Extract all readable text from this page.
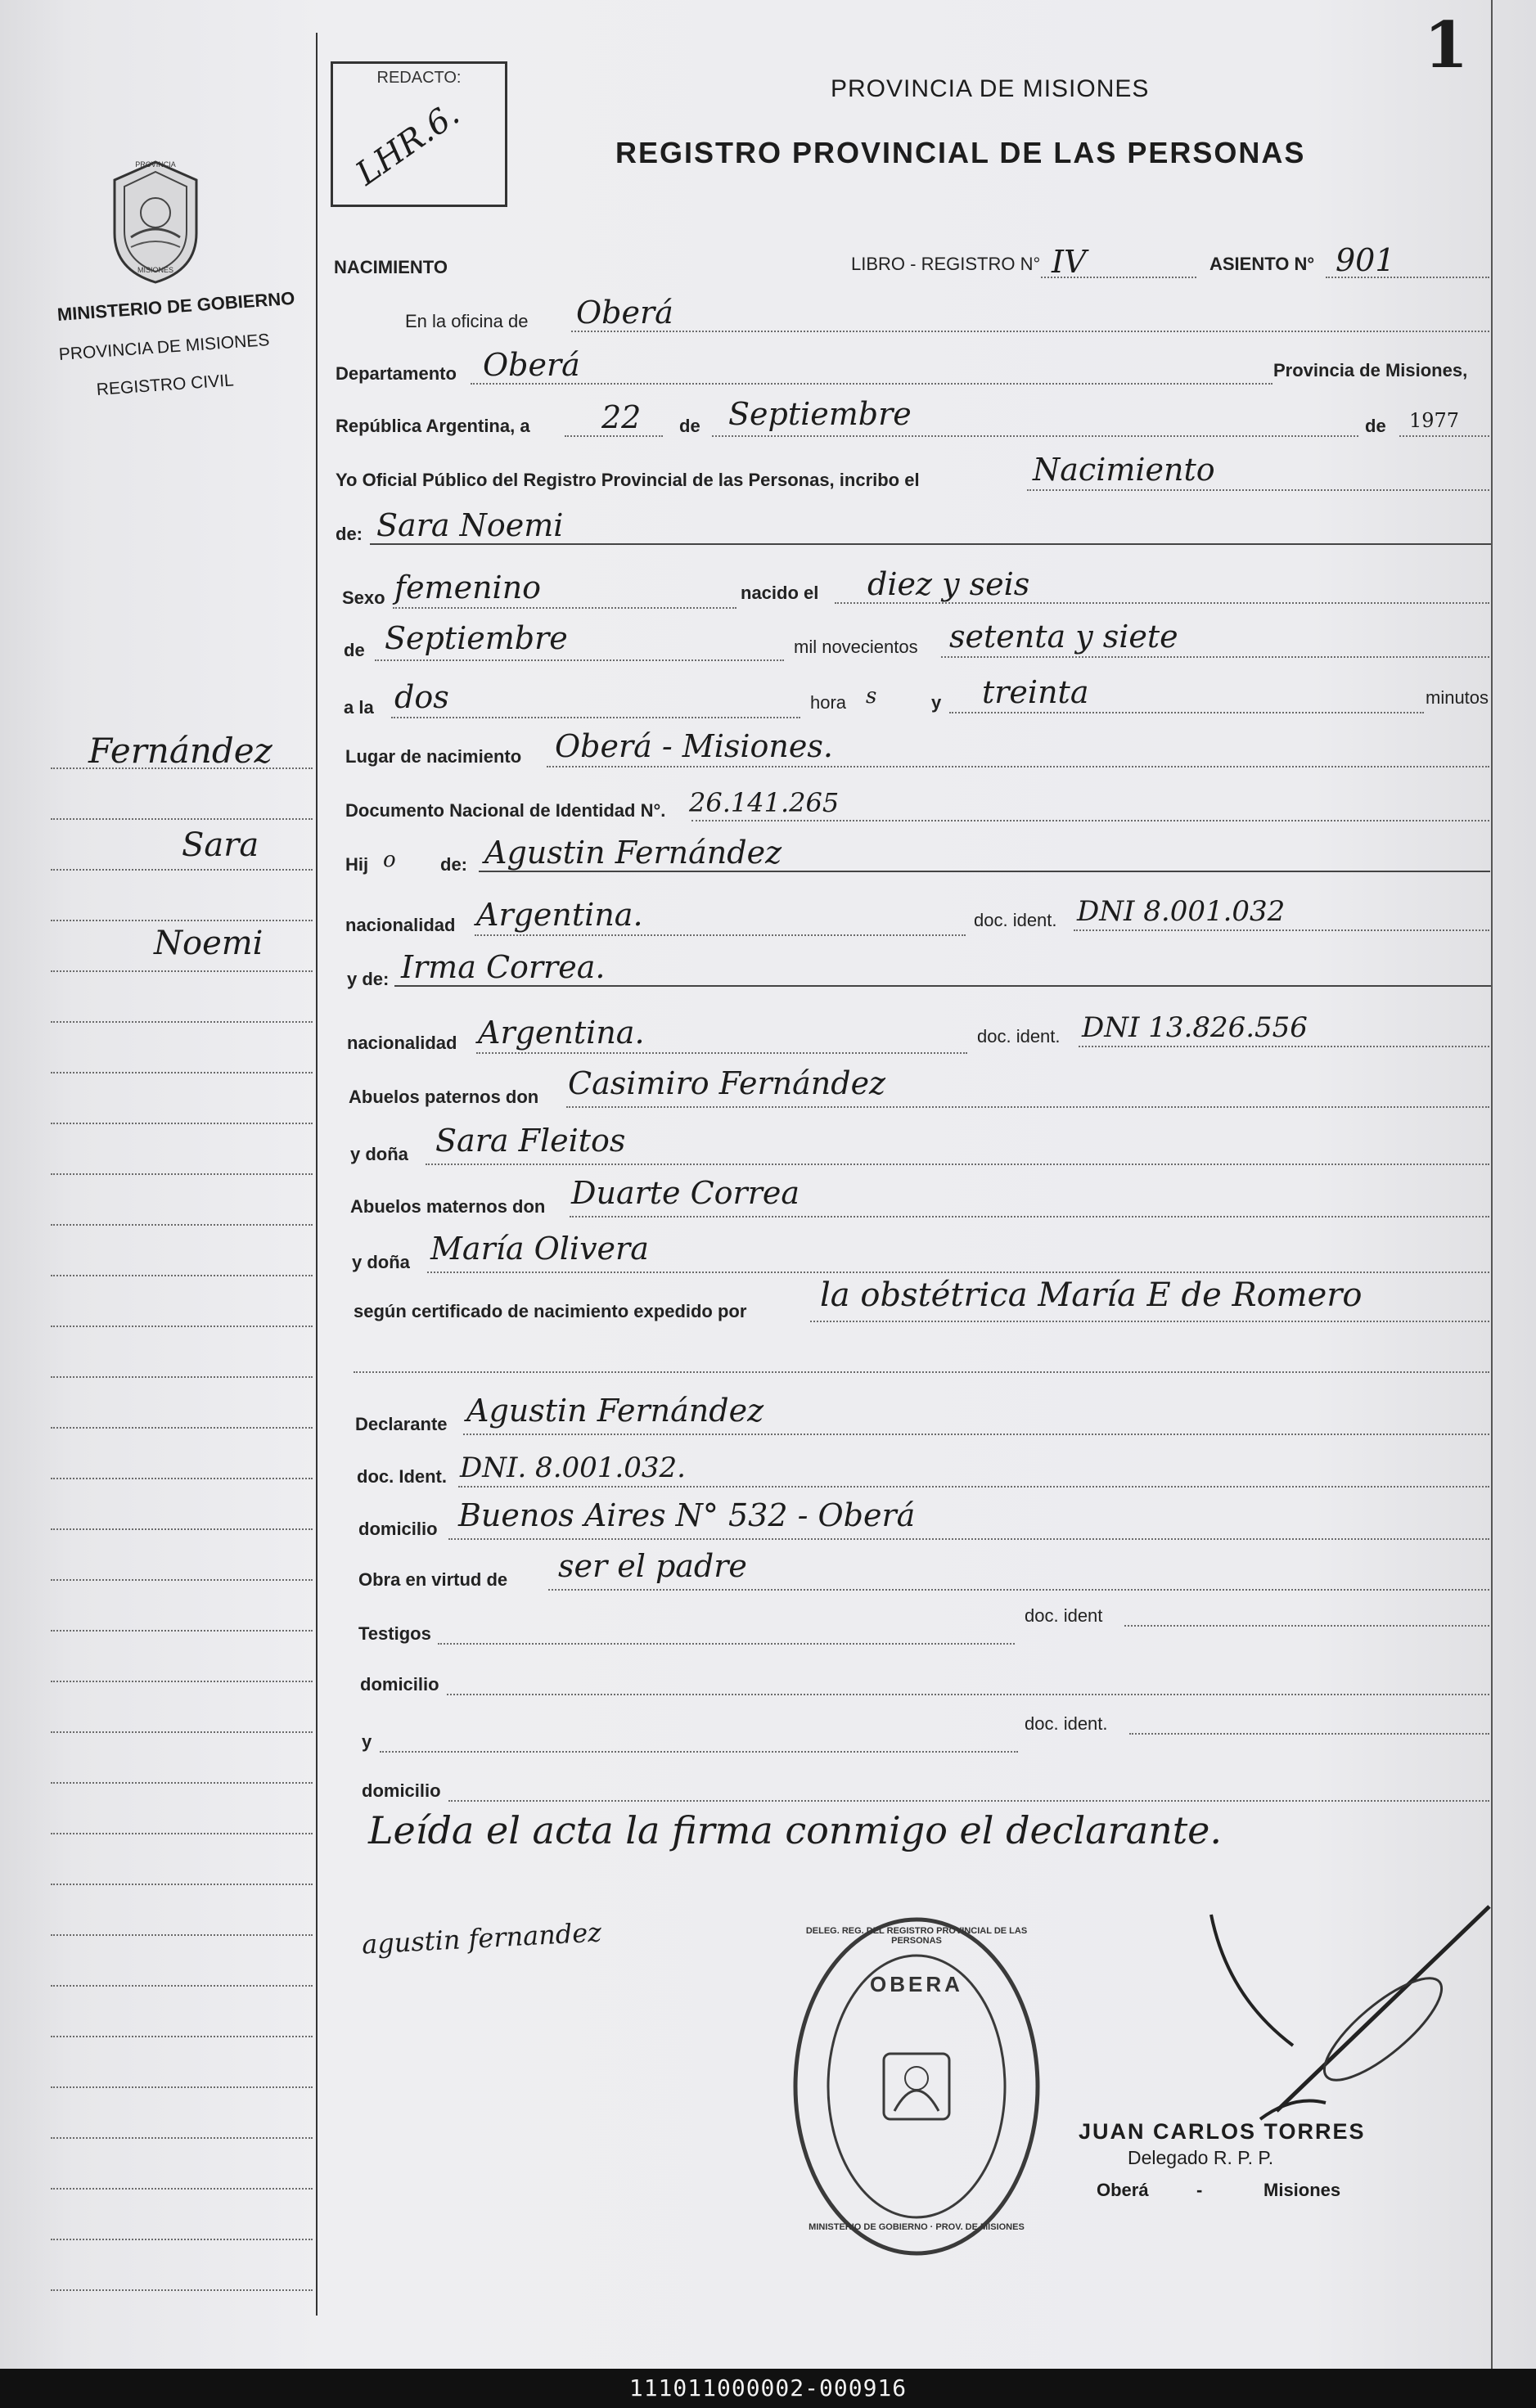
1
REDACTO:
LHR.6.
PROVINCIA DE MISIONES
REGISTRO PROVINCIAL DE LAS PERSONAS
PROVINCIA
MISIONES
MINISTERIO DE GOBIERNO
PROVINCIA DE MISIONES
REGISTRO CIVIL
Fernández
Sara
Noemi
NACIMIENTO	LIBRO - REGISTRO N° IV	ASIENTO N° 901
En la oficina de Oberá
Departamento Oberá	Provincia de Misiones,
República Argentina, a 22 de Septiembre	de 1977
Yo Oficial Público del Registro Provincial de las Personas, incribo el	Nacimiento
de: Sara Noemi
Sexo femenino	nacido el diez y seis
de Septiembre	mil novecientos setenta y siete
a la dos	hora s	y treinta	minutos
Lugar de nacimiento Oberá - Misiones.
Documento Nacional de Identidad N°. 26.141.265
Hij o de: Agustin Fernández
nacionalidad Argentina.	doc. ident. DNI 8.001.032
y de: Irma Correa.
nacionalidad Argentina.	doc. ident. DNI 13.826.556
Abuelos paternos don Casimiro Fernández
y doña Sara Fleitos
Abuelos maternos don Duarte Correa
y doña María Olivera
según certificado de nacimiento expedido por la obstétrica María E de Romero
Declarante Agustin Fernández
doc. Ident. DNI. 8.001.032.
domicilio Buenos Aires N° 532 - Oberá
Obra en virtud de ser el padre
Testigos
doc. ident
domicilio
y
doc. ident.
domicilio
Leída el acta la firma conmigo el declarante.
agustin fernandez	DELEG. REG. DEL REGISTRO PROVINCIAL DE LAS PERSONAS
OBERA
MINISTERIO DE GOBIERNO · PROV. DE MISIONES
JUAN CARLOS TORRES
Delegado R. P. P.
Oberá	-	Misiones
111011000002-000916
